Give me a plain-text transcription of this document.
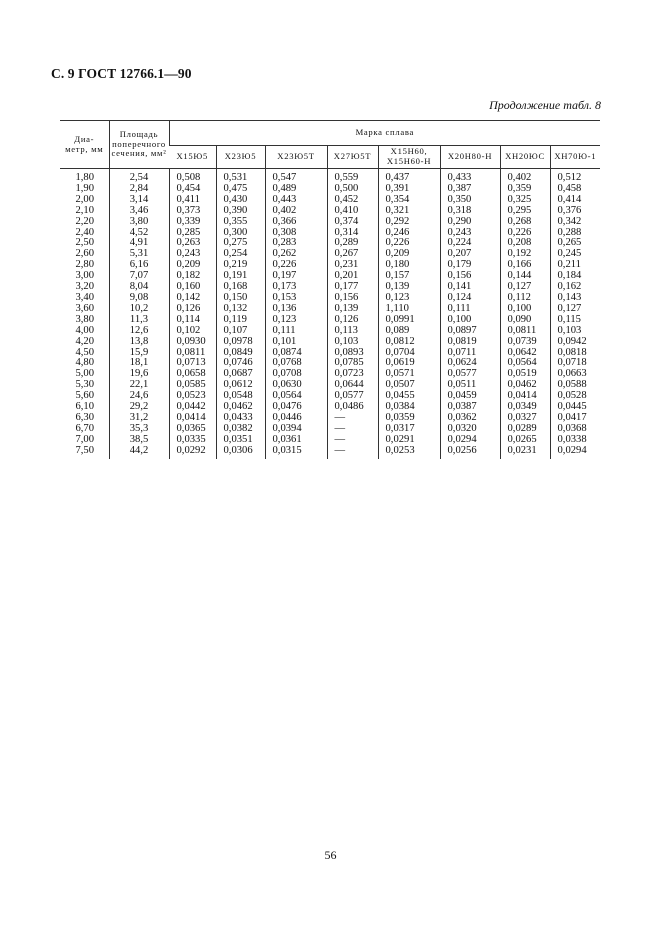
С. 9 ГОСТ 12766.1—90
Продолжение табл. 8
Диа- метр, мм	Площадь поперечного сечения, мм²	Марка сплава							
		Х15Ю5	Х23Ю5	Х23Ю5Т	Х27Ю5Т	Х15Н60, Х15Н60-Н	Х20Н80-Н	ХН20ЮС	ХН70Ю-1
1,80	2,54	0,508	0,531	0,547	0,559	0,437	0,433	0,402	0,512
1,90	2,84	0,454	0,475	0,489	0,500	0,391	0,387	0,359	0,458
2,00	3,14	0,411	0,430	0,443	0,452	0,354	0,350	0,325	0,414
2,10	3,46	0,373	0,390	0,402	0,410	0,321	0,318	0,295	0,376
2,20	3,80	0,339	0,355	0,366	0,374	0,292	0,290	0,268	0,342
2,40	4,52	0,285	0,300	0,308	0,314	0,246	0,243	0,226	0,288
2,50	4,91	0,263	0,275	0,283	0,289	0,226	0,224	0,208	0,265
2,60	5,31	0,243	0,254	0,262	0,267	0,209	0,207	0,192	0,245
2,80	6,16	0,209	0,219	0,226	0,231	0,180	0,179	0,166	0,211
3,00	7,07	0,182	0,191	0,197	0,201	0,157	0,156	0,144	0,184
3,20	8,04	0,160	0,168	0,173	0,177	0,139	0,141	0,127	0,162
3,40	9,08	0,142	0,150	0,153	0,156	0,123	0,124	0,112	0,143
3,60	10,2	0,126	0,132	0,136	0,139	1,110	0,111	0,100	0,127
3,80	11,3	0,114	0,119	0,123	0,126	0,0991	0,100	0,090	0,115
4,00	12,6	0,102	0,107	0,111	0,113	0,089	0,0897	0,0811	0,103
4,20	13,8	0,0930	0,0978	0,101	0,103	0,0812	0,0819	0,0739	0,0942
4,50	15,9	0,0811	0,0849	0,0874	0,0893	0,0704	0,0711	0,0642	0,0818
4,80	18,1	0,0713	0,0746	0,0768	0,0785	0,0619	0,0624	0,0564	0,0718
5,00	19,6	0,0658	0,0687	0,0708	0,0723	0,0571	0,0577	0,0519	0,0663
5,30	22,1	0,0585	0,0612	0,0630	0,0644	0,0507	0,0511	0,0462	0,0588
5,60	24,6	0,0523	0,0548	0,0564	0,0577	0,0455	0,0459	0,0414	0,0528
6,10	29,2	0,0442	0,0462	0,0476	0,0486	0,0384	0,0387	0,0349	0,0445
6,30	31,2	0,0414	0,0433	0,0446	—	0,0359	0,0362	0,0327	0,0417
6,70	35,3	0,0365	0,0382	0,0394	—	0,0317	0,0320	0,0289	0,0368
7,00	38,5	0,0335	0,0351	0,0361	—	0,0291	0,0294	0,0265	0,0338
7,50	44,2	0,0292	0,0306	0,0315	—	0,0253	0,0256	0,0231	0,0294
56
